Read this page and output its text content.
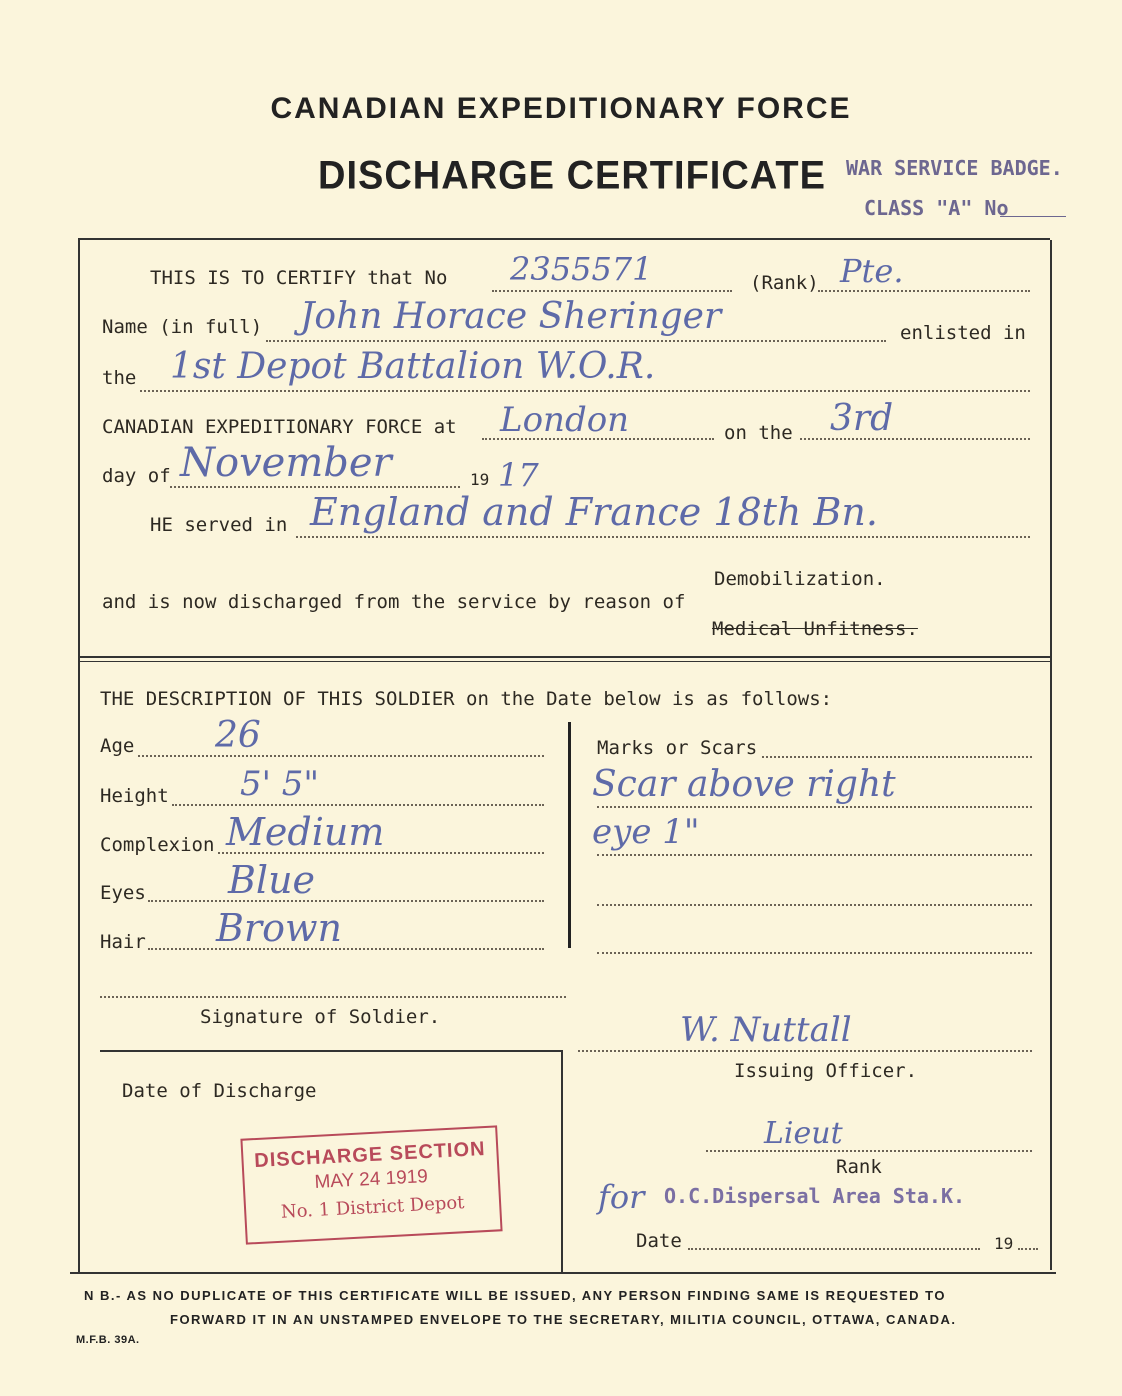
CANADIAN EXPEDITIONARY FORCE
DISCHARGE CERTIFICATE WAR SERVICE BADGE.
CLASS "A" No
THIS IS TO CERTIFY that No 2355571	(Rank) Pte.
Name (in full) John Horace Sheringer	enlisted in
the 1st Depot Battalion W.O.R.
CANADIAN EXPEDITIONARY FORCE at London	on the 3rd
day of November	19 17
HE served in England and France 18th Bn.
Demobilization.
and is now discharged from the service by reason of
Medical Unfitness.
THE DESCRIPTION OF THIS SOLDIER on the Date below is as follows:
Age 26
Height 5' 5"
Complexion Medium
Eyes Blue
Hair Brown
Marks or Scars
Scar above right
eye 1"
Signature of Soldier.
Date of Discharge
DISCHARGE SECTION
MAY 24 1919
No. 1 District Depot
W. Nuttall
Issuing Officer.
Lieut
Rank
for O.C.Dispersal Area Sta.K.
Date	19
N B.- AS NO DUPLICATE OF THIS CERTIFICATE WILL BE ISSUED, ANY PERSON FINDING SAME IS REQUESTED TO
FORWARD IT IN AN UNSTAMPED ENVELOPE TO THE SECRETARY, MILITIA COUNCIL, OTTAWA, CANADA.
M.F.B. 39A.
